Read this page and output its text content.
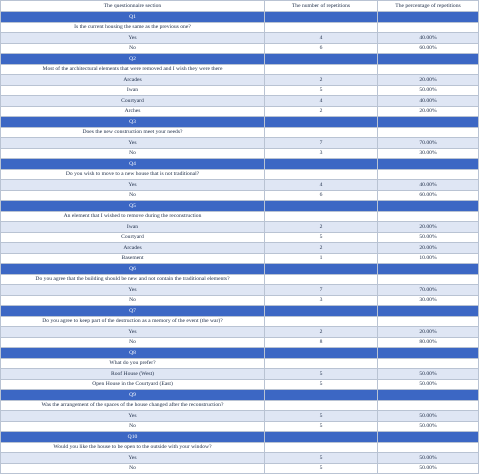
The questionnaire section	The number of repetitions	The percentage of repetitions
Q1		
Is the current housing the same as the previous one?		
Yes	4	40.00%
No	6	60.00%
Q2		
Most of the architectural elements that were removed and I wish they were there		
Arcades	2	20.00%
Iwan	5	50.00%
Courtyard	4	40.00%
Arches	2	20.00%
Q3		
Does the new construction meet your needs?		
Yes	7	70.00%
No	3	30.00%
Q4		
Do you wish to move to a new house that is not traditional?		
Yes	4	40.00%
No	6	60.00%
Q5		
An element that I wished to remove during the reconstruction		
Iwan	2	20.00%
Courtyard	5	50.00%
Arcades	2	20.00%
Basement	1	10.00%
Q6		
Do you agree that the building should be new and not contain the traditional elements?		
Yes	7	70.00%
No	3	30.00%
Q7		
Do you agree to keep part of the destruction as a memory of the event (the war)?		
Yes	2	20.00%
No	8	80.00%
Q8		
What do you prefer?		
Roof House (West)	5	50.00%
Open House in the Courtyard (East)	5	50.00%
Q9		
Was the arrangement of the spaces of the house changed after the reconstruction?		
Yes	5	50.00%
No	5	50.00%
Q10		
Would you like the house to be open to the outside with your window?		
Yes	5	50.00%
No	5	50.00%
